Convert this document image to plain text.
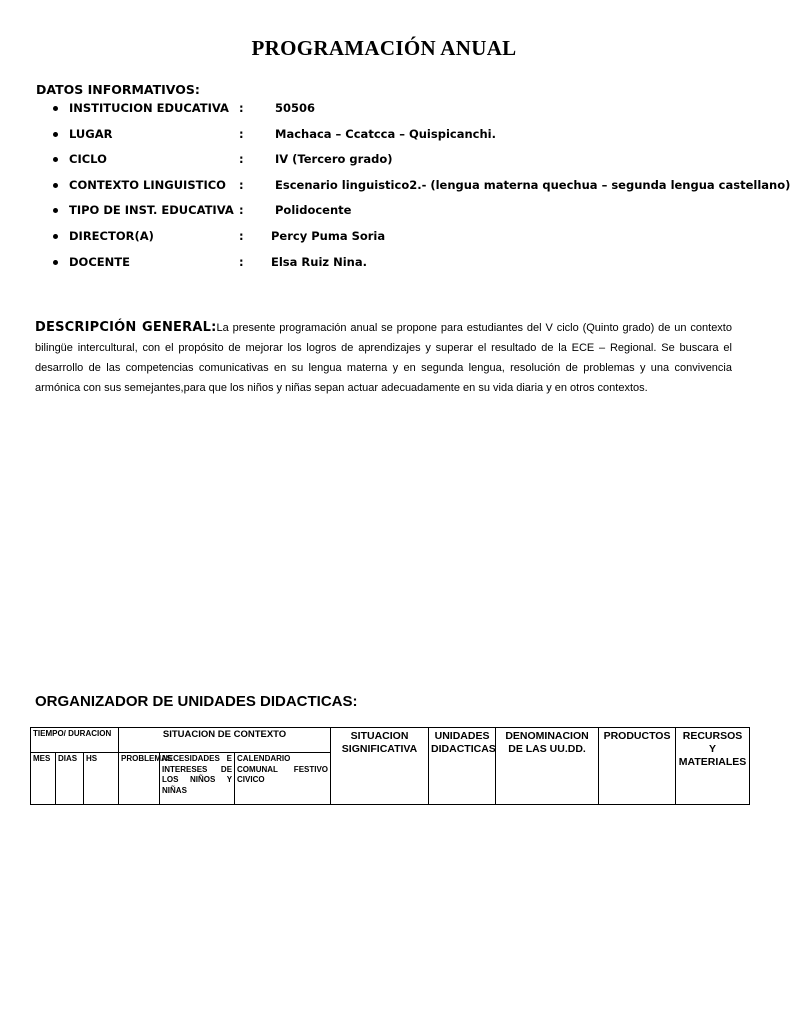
PROGRAMACIÓN ANUAL
DATOS INFORMATIVOS:
INSTITUCION EDUCATIVA :	50506
LUGAR	:	Machaca – Ccatcca – Quispicanchi.
CICLO	:	IV (Tercero grado)
CONTEXTO LINGUISTICO :	Escenario linguistico2.- (lengua materna quechua – segunda lengua castellano)
TIPO DE INST. EDUCATIVA :	Polidocente
DIRECTOR(A)	: Percy Puma Soria
DOCENTE	: Elsa Ruiz Nina.

DESCRIPCIÓN GENERAL:La presente programación anual se propone para estudiantes del V ciclo (Quinto grado) de un contexto bilingüe intercultural, con el propósito de mejorar los logros de aprendizajes y superar el resultado de la ECE – Regional. Se buscara el desarrollo de las competencias comunicativas en su lengua materna y en segunda lengua, resolución de problemas y una convivencia armónica con sus semejantes,para que los niños y niñas sepan actuar adecuadamente en su vida diaria y en otros contextos.

ORGANIZADOR DE UNIDADES DIDACTICAS:
TIEMPO/ DURACION			SITUACION DE CONTEXTO			SITUACION SIGNIFICATIVA	UNIDADES DIDACTICAS	DENOMINACION DE LAS UU.DD.	PRODUCTOS	RECURSOS Y MATERIALES
MES	DIAS	HS	PROBLEMAS	NECESIDADES E INTERESES DE LOS NIÑOS Y NIÑAS	CALENDARIO COMUNAL FESTIVO CIVICO					
